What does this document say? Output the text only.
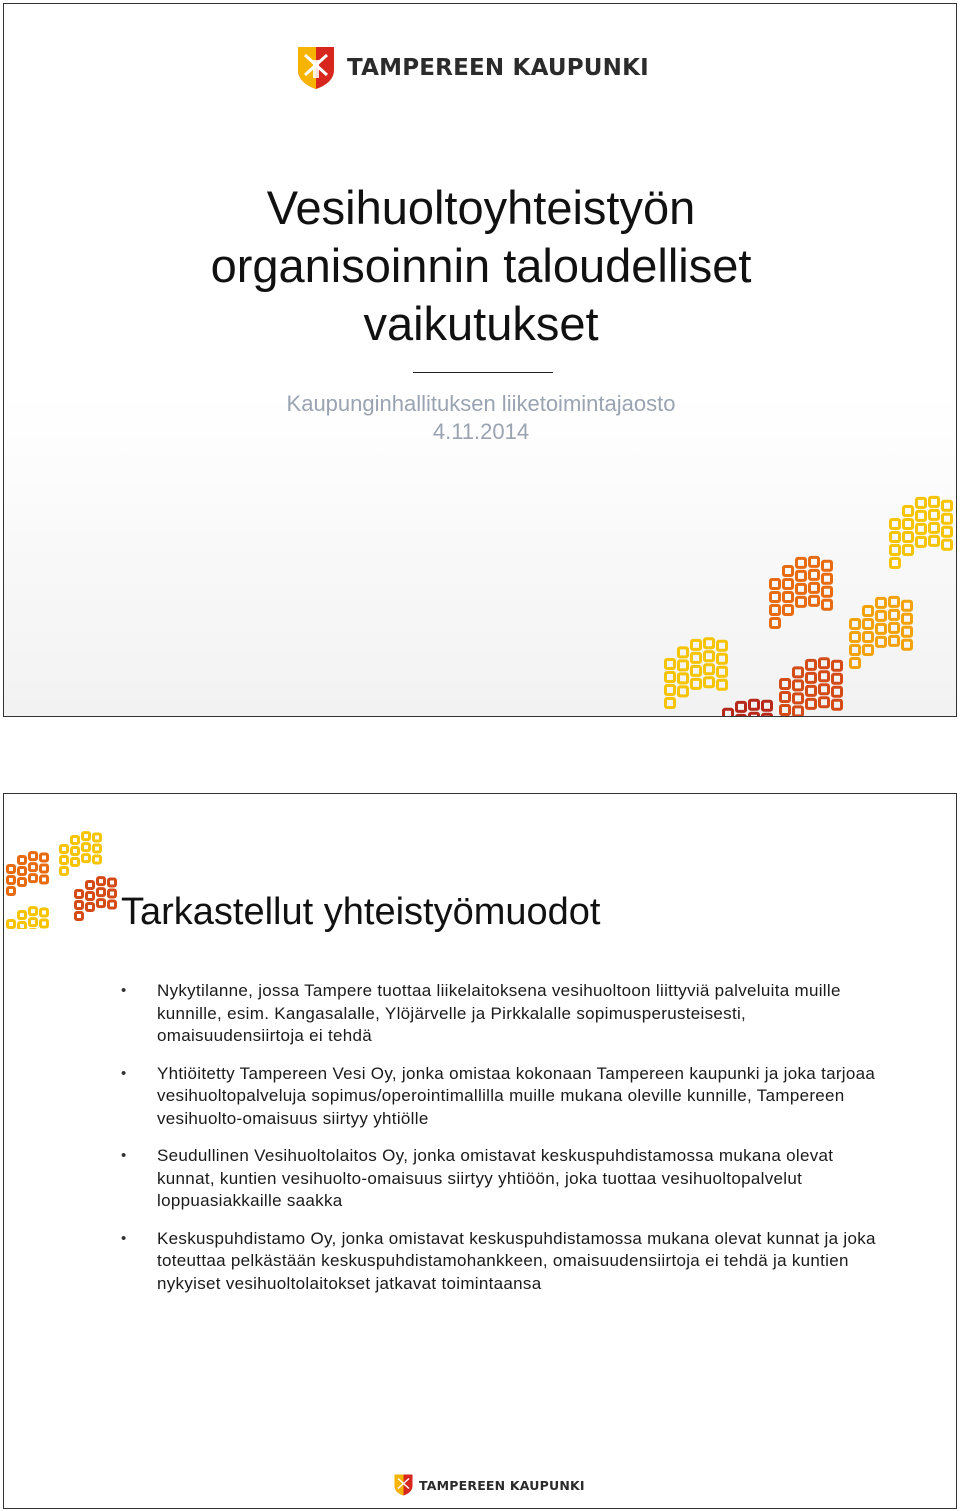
TAMPEREEN KAUPUNKI
Vesihuoltoyhteistyön
organisoinnin taloudelliset
vaikutukset
Kaupunginhallituksen liiketoimintajaosto
4.11.2014
Tarkastellut yhteistyömuodot
• Nykytilanne, jossa Tampere tuottaa liikelaitoksena vesihuoltoon liittyviä palveluita muille kunnille, esim. Kangasalalle, Ylöjärvelle ja Pirkkalalle sopimusperusteisesti, omaisuudensiirtoja ei tehdä
• Yhtiöitetty Tampereen Vesi Oy, jonka omistaa kokonaan Tampereen kaupunki ja joka tarjoaa vesihuoltopalveluja sopimus/operointimallilla muille mukana oleville kunnille, Tampereen vesihuolto-omaisuus siirtyy yhtiölle
• Seudullinen Vesihuoltolaitos Oy, jonka omistavat keskuspuhdistamossa mukana olevat kunnat, kuntien vesihuolto-omaisuus siirtyy yhtiöön, joka tuottaa vesihuoltopalvelut loppuasiakkaille saakka
• Keskuspuhdistamo Oy, jonka omistavat keskuspuhdistamossa mukana olevat kunnat ja joka toteuttaa pelkästään keskuspuhdistamohankkeen, omaisuudensiirtoja ei tehdä ja kuntien nykyiset vesihuoltolaitokset jatkavat toimintaansa
TAMPEREEN KAUPUNKI
